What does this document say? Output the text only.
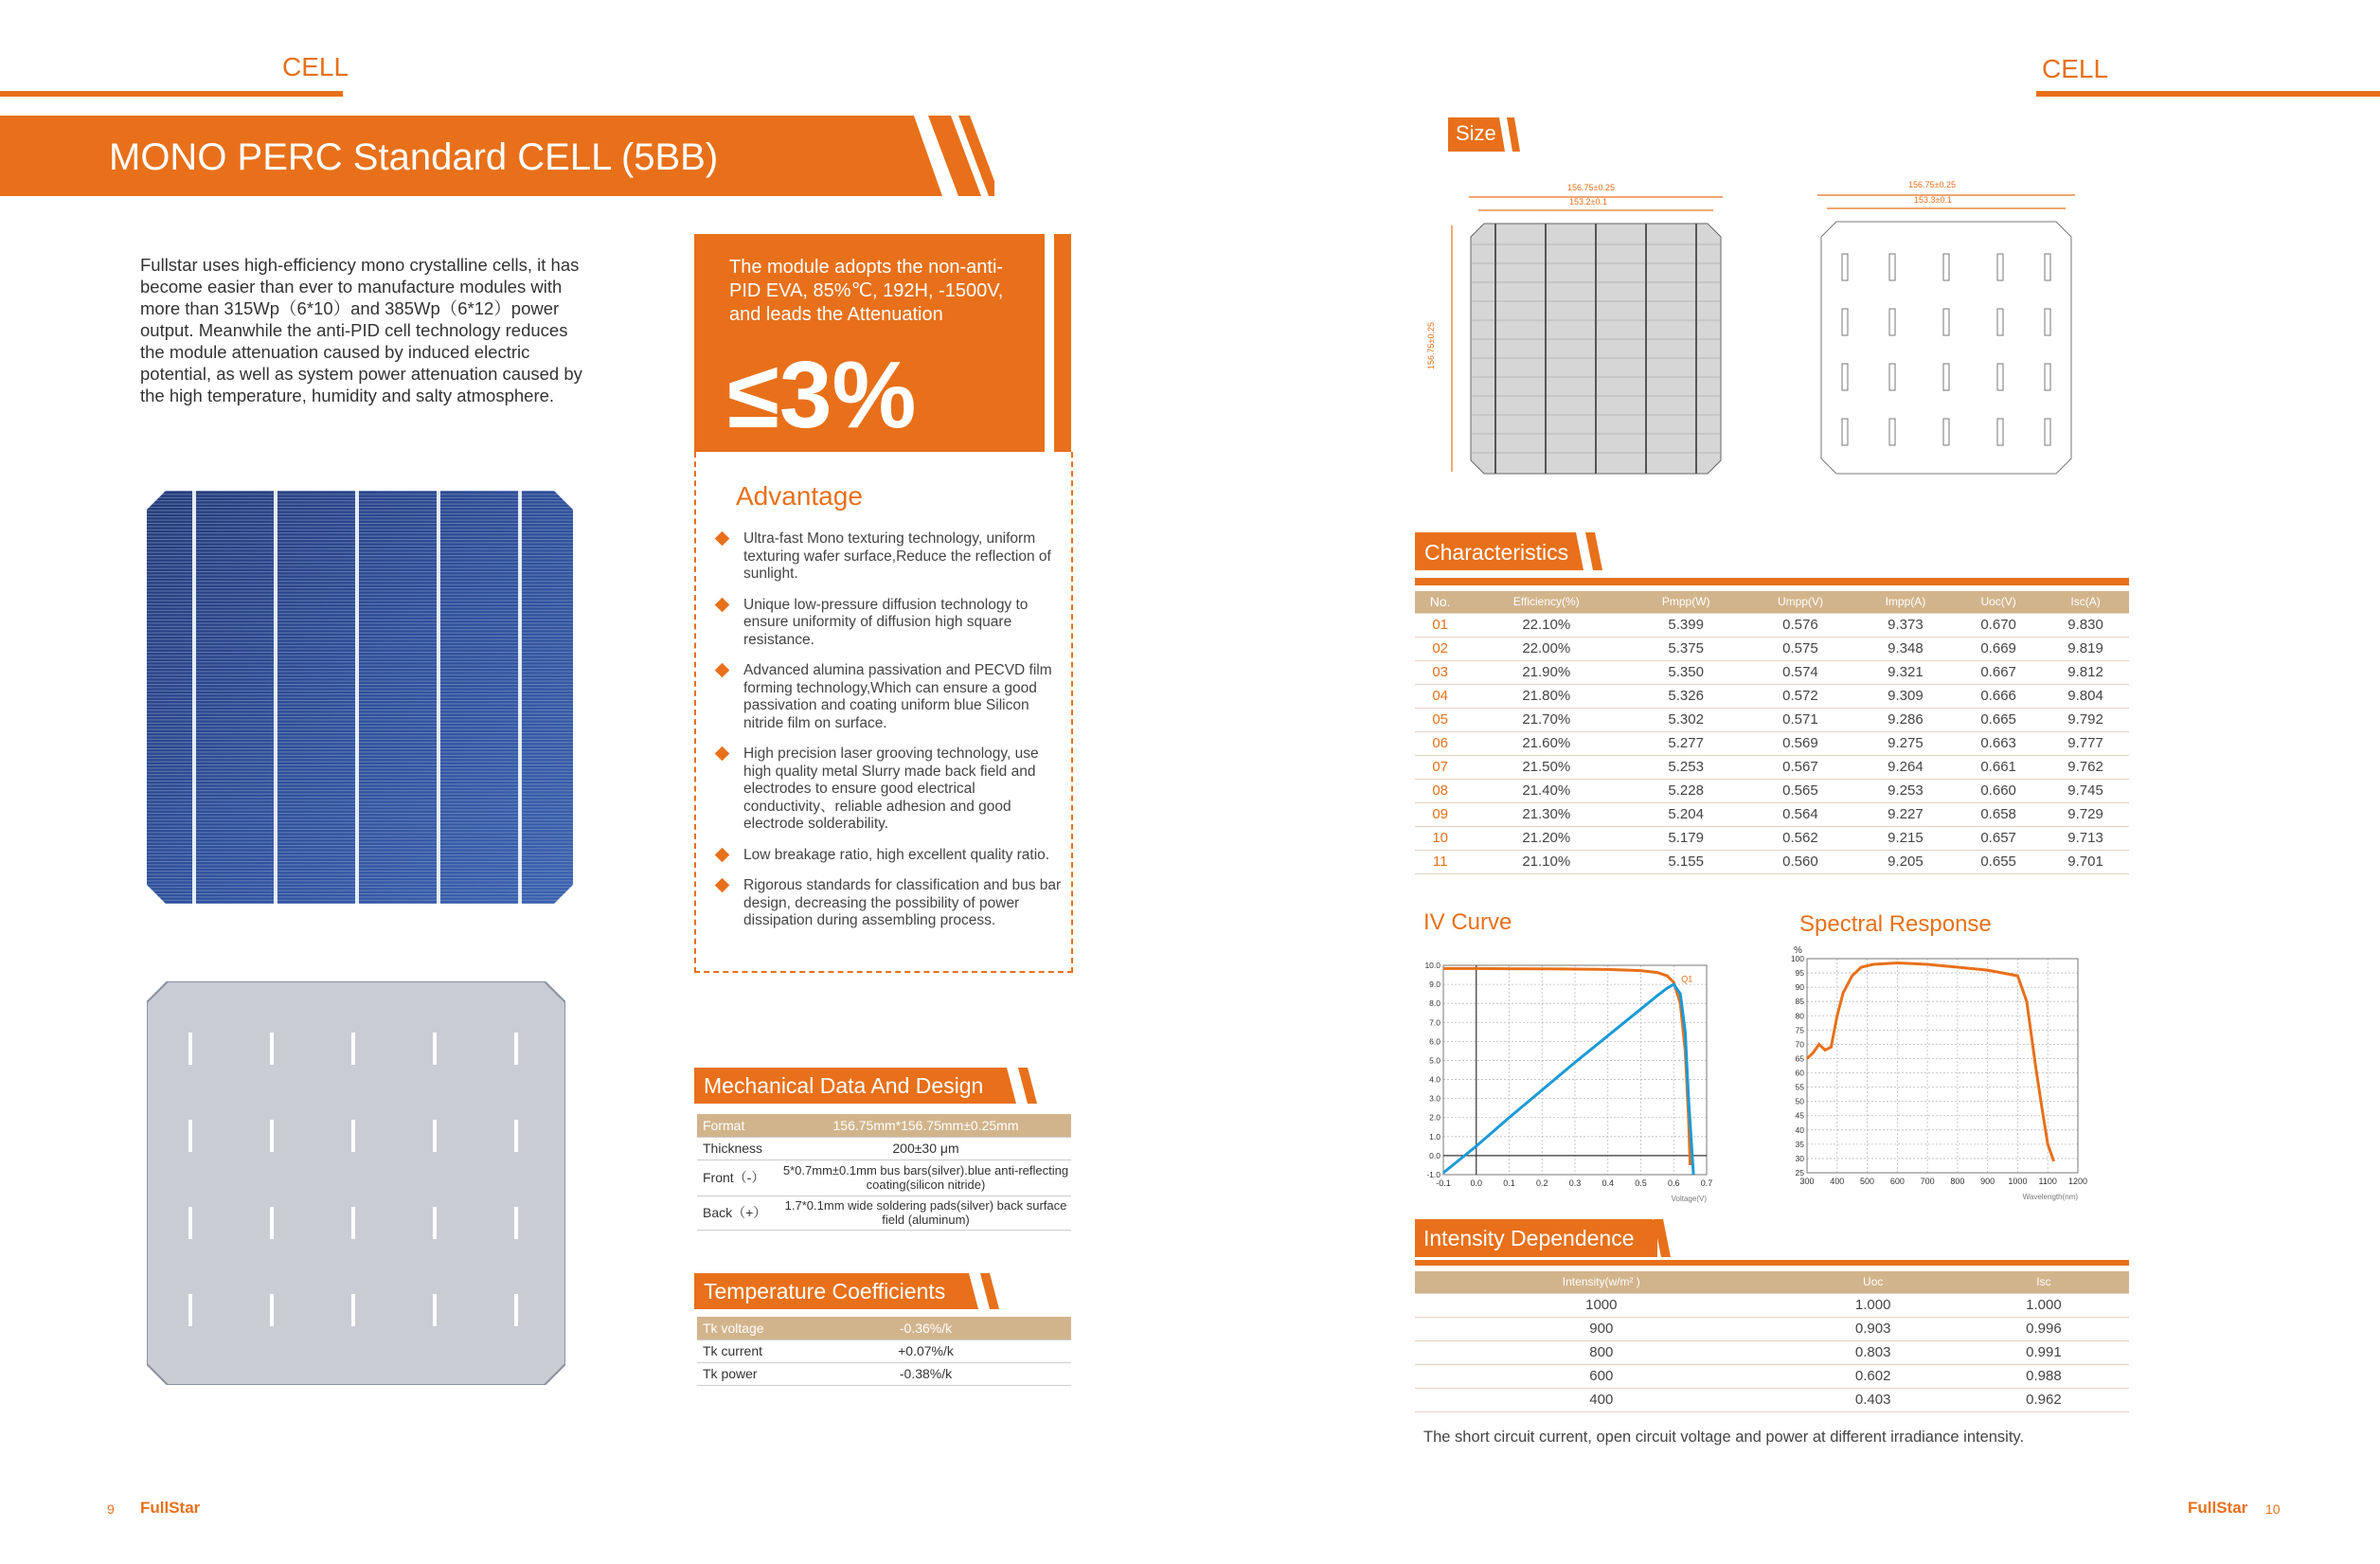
CELL
MONO PERC Standard CELL (5BB)
Fullstar uses high-efficiency mono crystalline cells, it has become easier than ever to manufacture modules with more than 315Wp（6*10）and 385Wp（6*12）power output. Meanwhile the anti-PID cell technology reduces the module attenuation caused by induced electric potential, as well as system power attenuation caused by the high temperature, humidity and salty atmosphere.
The module adopts the non-anti-PID EVA, 85%℃, 192H, -1500V, and leads the Attenuation
≤3%
Advantage
Ultra-fast Mono texturing technology, uniform texturing wafer surface,Reduce the reflection of sunlight.
Unique low-pressure diffusion technology to ensure uniformity of diffusion high square resistance.
Advanced alumina passivation and PECVD film forming technology,Which can ensure a good passivation and coating uniform blue Silicon nitride film on surface.
High precision laser grooving technology, use high quality metal Slurry made back field and electrodes to ensure good electrical conductivity、reliable adhesion and good electrode solderability.
Low breakage ratio, high excellent quality ratio.
Rigorous standards for classification and bus bar design, decreasing the possibility of power dissipation during assembling process.
Mechanical Data And Design
Format	156.75mm*156.75mm±0.25mm
Thickness	200±30 μm
Front（-）	5*0.7mm±0.1mm bus bars(silver).blue anti-reflecting coating(silicon nitride)
Back（+）	1.7*0.1mm wide soldering pads(silver) back surface field (aluminum)
Temperature Coefficients
Tk voltage	-0.36%/k
Tk current	+0.07%/k
Tk power	-0.38%/k
9 FullStar
CELL
Size
156.75±0.25
153.2±0.1
156.75±0.25
156.75±0.25
153.3±0.1
Characteristics
No.	Efficiency(%)	Pmpp(W)	Umpp(V)	Impp(A)	Uoc(V)	Isc(A)
01	22.10%	5.399	0.576	9.373	0.670	9.830
02	22.00%	5.375	0.575	9.348	0.669	9.819
03	21.90%	5.350	0.574	9.321	0.667	9.812
04	21.80%	5.326	0.572	9.309	0.666	9.804
05	21.70%	5.302	0.571	9.286	0.665	9.792
06	21.60%	5.277	0.569	9.275	0.663	9.777
07	21.50%	5.253	0.567	9.264	0.661	9.762
08	21.40%	5.228	0.565	9.253	0.660	9.745
09	21.30%	5.204	0.564	9.227	0.658	9.729
10	21.20%	5.179	0.562	9.215	0.657	9.713
11	21.10%	5.155	0.560	9.205	0.655	9.701
IV Curve
-0.1 0.0 0.1 0.2 0.3 0.4 0.5 0.6 0.7
10.0
9.0
8.0
7.0
6.0
5.0
4.0
3.0
2.0
1.0
0.0
-1.0
Q1
Voltage(V)
Spectral Response
300 400 500 600 700 800 900 1000 1100 1200
100
95
90
85
80
75
70
65
60
55
50
45
40
35
30
25
Wavelength(nm)
%
Intensity Dependence
Intensity(w/m² )	Uoc	Isc
1000	1.000	1.000
900	0.903	0.996
800	0.803	0.991
600	0.602	0.988
400	0.403	0.962
The short circuit current, open circuit voltage and power at different irradiance intensity.
FullStar 10
